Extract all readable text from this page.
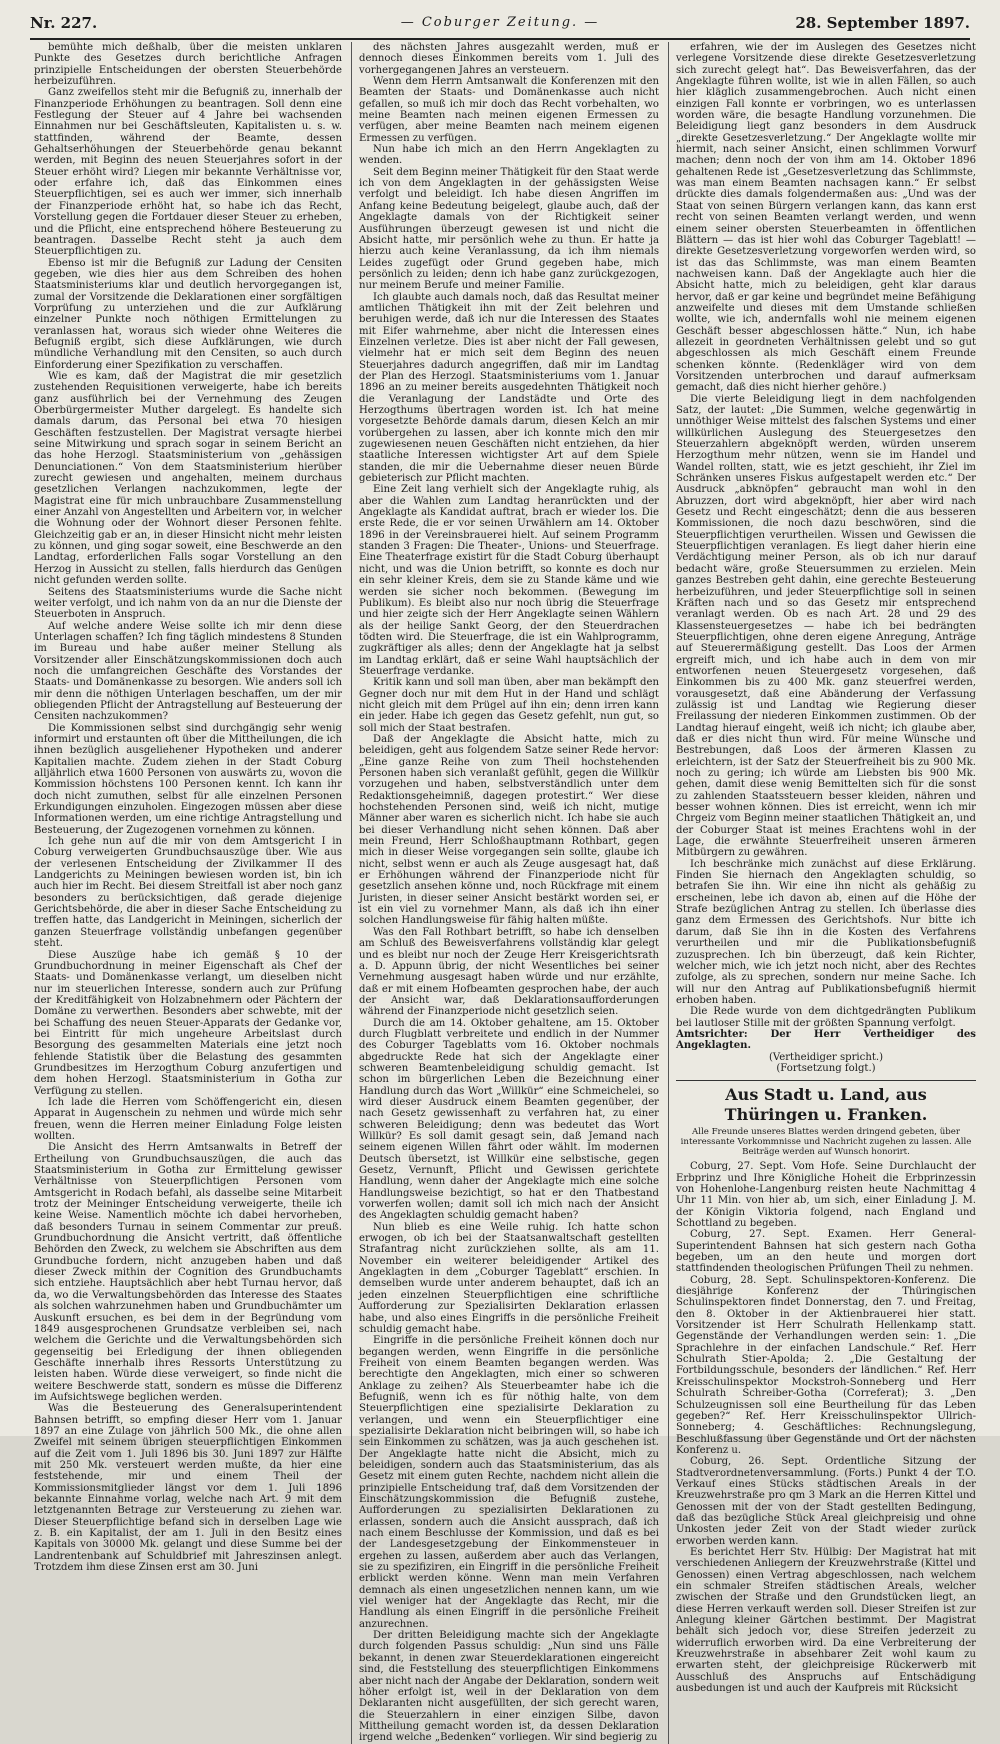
Nr. 227.	— Coburger Zeitung. —	28. September 1897.

bemühte mich deßhalb, über die meisten unklaren Punkte des Gesetzes durch berichtliche Anfragen prinzipielle Entscheidungen der obersten Steuerbehörde herbeizuführen.

Ganz zweifellos steht mir die Befugniß zu, innerhalb der Finanzperiode Erhöhungen zu beantragen. Soll denn eine Festlegung der Steuer auf 4 Jahre bei wachsenden Einnahmen nur bei Geschäftsleuten, Kapitalisten u. s. w. stattfinden, während der Beamte, dessen Gehaltserhöhungen der Steuerbehörde genau bekannt werden, mit Beginn des neuen Steuerjahres sofort in der Steuer erhöht wird? Liegen mir bekannte Verhältnisse vor, oder erfahre ich, daß das Einkommen eines Steuerpflichtigen, sei es auch wer immer, sich innerhalb der Finanzperiode erhöht hat, so habe ich das Recht, Vorstellung gegen die Fortdauer dieser Steuer zu erheben, und die Pflicht, eine entsprechend höhere Besteuerung zu beantragen. Dasselbe Recht steht ja auch dem Steuerpflichtigen zu.

Ebenso ist mir die Befugniß zur Ladung der Censiten gegeben, wie dies hier aus dem Schreiben des hohen Staatsministeriums klar und deutlich hervorgegangen ist, zumal der Vorsitzende die Deklarationen einer sorgfältigen Vorprüfung zu unterziehen und die zur Aufklärung einzelner Punkte noch nöthigen Ermittelungen zu veranlassen hat, woraus sich wieder ohne Weiteres die Befugniß ergibt, sich diese Aufklärungen, wie durch mündliche Verhandlung mit den Censiten, so auch durch Einforderung einer Spezifikation zu verschaffen.

Wie es kam, daß der Magistrat die mir gesetzlich zustehenden Requisitionen verweigerte, habe ich bereits ganz ausführlich bei der Vernehmung des Zeugen Oberbürgermeister Muther dargelegt. Es handelte sich damals darum, das Personal bei etwa 70 hiesigen Geschäften festzustellen. Der Magistrat versagte hierbei seine Mitwirkung und sprach sogar in seinem Bericht an das hohe Herzogl. Staatsministerium von „gehässigen Denunciationen.“ Von dem Staatsministerium hierüber zurecht gewiesen und angehalten, meinem durchaus gesetzlichen Verlangen nachzukommen, legte der Magistrat eine für mich unbrauchbare Zusammenstellung einer Anzahl von Angestellten und Arbeitern vor, in welcher die Wohnung oder der Wohnort dieser Personen fehlte. Gleichzeitig gab er an, in dieser Hinsicht nicht mehr leisten zu können, und ging sogar soweit, eine Beschwerde an den Landtag, erforderlichen Falls sogar Vorstellung an den Herzog in Aussicht zu stellen, falls hierdurch das Genügen nicht gefunden werden sollte.

Seitens des Staatsministeriums wurde die Sache nicht weiter verfolgt, und ich nahm von da an nur die Dienste der Steuerboten in Anspruch.

Auf welche andere Weise sollte ich mir denn diese Unterlagen schaffen? Ich fing täglich mindestens 8 Stunden im Bureau und habe außer meiner Stellung als Vorsitzender aller Einschätzungskommissionen doch auch noch die umfangreichen Geschäfte des Vorstandes der Staats- und Domänenkasse zu besorgen. Wie anders soll ich mir denn die nöthigen Unterlagen beschaffen, um der mir obliegenden Pflicht der Antragstellung auf Besteuerung der Censiten nachzukommen?

Die Kommissionen selbst sind durchgängig sehr wenig informirt und erstaunten oft über die Mittheilungen, die ich ihnen bezüglich ausgeliehener Hypotheken und anderer Kapitalien machte. Zudem ziehen in der Stadt Coburg alljährlich etwa 1600 Personen von auswärts zu, wovon die Kommission höchstens 100 Personen kennt. Ich kann ihr doch nicht zumuthen, selbst für alle einzelnen Personen Erkundigungen einzuholen. Eingezogen müssen aber diese Informationen werden, um eine richtige Antragstellung und Besteuerung, der Zugezogenen vornehmen zu können.

Ich gehe nun auf die mir von dem Amtsgericht I in Coburg verweigerten Grundbuchsauszüge über. Wie aus der verlesenen Entscheidung der Zivilkammer II des Landgerichts zu Meiningen bewiesen worden ist, bin ich auch hier im Recht. Bei diesem Streitfall ist aber noch ganz besonders zu berücksichtigen, daß gerade diejenige Gerichtsbehörde, die aber in dieser Sache Entscheidung zu treffen hatte, das Landgericht in Meiningen, sicherlich der ganzen Steuerfrage vollständig unbefangen gegenüber steht.

Diese Auszüge habe ich gemäß § 10 der Grundbuchordnung in meiner Eigenschaft als Chef der Staats- und Domänenkasse verlangt, um dieselben nicht nur im steuerlichen Interesse, sondern auch zur Prüfung der Kreditfähigkeit von Holzabnehmern oder Pächtern der Domäne zu verwerthen. Besonders aber schwebte, mit der bei Schaffung des neuen Steuer-Apparats der Gedanke vor, bei Eintritt für mich ungeheure Arbeitslast durch Besorgung des gesammelten Materials eine jetzt noch fehlende Statistik über die Belastung des gesammten Grundbesitzes im Herzogthum Coburg anzufertigen und dem hohen Herzogl. Staatsministerium in Gotha zur Verfügung zu stellen.

Ich lade die Herren vom Schöffengericht ein, diesen Apparat in Augenschein zu nehmen und würde mich sehr freuen, wenn die Herren meiner Einladung Folge leisten wollten.

Die Ansicht des Herrn Amtsanwalts in Betreff der Ertheilung von Grundbuchsauszügen, die auch das Staatsministerium in Gotha zur Ermittelung gewisser Verhältnisse von Steuerpflichtigen Personen vom Amtsgericht in Rodach befahl, als dasselbe seine Mitarbeit trotz der Meininger Entscheidung verweigerte, theile ich keine Weise. Namentlich möchte ich dabei hervorheben, daß besonders Turnau in seinem Commentar zur preuß. Grundbuchordnung die Ansicht vertritt, daß öffentliche Behörden den Zweck, zu welchem sie Abschriften aus dem Grundbuche fordern, nicht anzugeben haben und daß dieser Zweck mithin der Cognition des Grundbuchamts sich entziehe. Hauptsächlich aber hebt Turnau hervor, daß da, wo die Verwaltungsbehörden das Interesse des Staates als solchen wahrzunehmen haben und Grundbuchämter um Auskunft ersuchen, es bei dem in der Begründung vom 1849 ausgesprochenen Grundsatze verbleiben sei, nach welchem die Gerichte und die Verwaltungsbehörden sich gegenseitig bei Erledigung der ihnen obliegenden Geschäfte innerhalb ihres Ressorts Unterstützung zu leisten haben. Würde diese verweigert, so finde nicht die weitere Beschwerde statt, sondern es müsse die Differenz im Aufsichtswege beglichen werden.

Was die Besteuerung des Generalsuperintendent Bahnsen betrifft, so empfing dieser Herr vom 1. Januar 1897 an eine Zulage von jährlich 500 Mk., die ohne allen Zweifel mit seinem übrigen steuerpflichtigen Einkommen auf die Zeit vom 1. Juli 1896 bis 30. Juni 1897 zur Hälfte mit 250 Mk. versteuert werden mußte, da hier eine feststehende, mir und einem Theil der Kommissionsmitglieder längst vor dem 1. Juli 1896 bekannte Einnahme vorlag, welche nach Art. 9 mit dem letztgenannten Betrage zur Versteuerung zu ziehen war. Dieser Steuerpflichtige befand sich in derselben Lage wie z. B. ein Kapitalist, der am 1. Juli in den Besitz eines Kapitals von 30000 Mk. gelangt und diese Summe bei der Landrentenbank auf Schuldbrief mit Jahreszinsen anlegt. Trotzdem ihm diese Zinsen erst am 30. Juni

des nächsten Jahres ausgezahlt werden, muß er dennoch dieses Einkommen bereits vom 1. Juli des vorhergegangenen Jahres an versteuern.

Wenn dem Herrn Amtsanwalt die Konferenzen mit den Beamten der Staats- und Domänenkasse auch nicht gefallen, so muß ich mir doch das Recht vorbehalten, wo meine Beamten nach meinen eigenen Ermessen zu verfügen, aber meine Beamten nach meinem eigenen Ermessen zu verfügen.

Nun habe ich mich an den Herrn Angeklagten zu wenden.

Seit dem Beginn meiner Thätigkeit für den Staat werde ich von dem Angeklagten in der gehässigsten Weise verfolgt und beleidigt. Ich habe diesen Angriffen im Anfang keine Bedeutung beigelegt, glaube auch, daß der Angeklagte damals von der Richtigkeit seiner Ausführungen überzeugt gewesen ist und nicht die Absicht hatte, mir persönlich wehe zu thun. Er hatte ja hierzu auch keine Veranlassung, da ich ihm niemals Leides zugefügt oder Grund gegeben habe, mich persönlich zu leiden; denn ich habe ganz zurückgezogen, nur meinem Berufe und meiner Familie.

Ich glaubte auch damals noch, daß das Resultat meiner amtlichen Thätigkeit ihn mit der Zeit belehren und beruhigen werde, daß ich nur die Interessen des Staates mit Eifer wahrnehme, aber nicht die Interessen eines Einzelnen verletze. Dies ist aber nicht der Fall gewesen, vielmehr hat er mich seit dem Beginn des neuen Steuerjahres dadurch angegriffen, daß mir im Landtag der Plan des Herzogl. Staatsministeriums vom 1. Januar 1896 an zu meiner bereits ausgedehnten Thätigkeit noch die Veranlagung der Landstädte und Orte des Herzogthums übertragen worden ist. Ich hat meine vorgesetzte Behörde damals darum, diesen Kelch an mir vorübergehen zu lassen, aber ich konnte mich den mir zugewiesenen neuen Geschäften nicht entziehen, da hier staatliche Interessen wichtigster Art auf dem Spiele standen, die mir die Uebernahme dieser neuen Bürde gebieterisch zur Pflicht machten.

Eine Zeit lang verhielt sich der Angeklagte ruhig, als aber die Wahlen zum Landtag heranrückten und der Angeklagte als Kandidat auftrat, brach er wieder los. Die erste Rede, die er vor seinen Urwählern am 14. Oktober 1896 in der Vereinsbrauerei hielt. Auf seinem Programm standen 3 Fragen: Die Theater-, Unions- und Steuerfrage. Eine Theaterfrage existirt für die Stadt Coburg überhaupt nicht, und was die Union betrifft, so konnte es doch nur ein sehr kleiner Kreis, dem sie zu Stande käme und wie werden sie sicher noch bekommen. (Bewegung im Publikum). Es bleibt also nur noch übrig die Steuerfrage und hier zeigte sich der Herr Angeklagte seinen Wählern als der heilige Sankt Georg, der den Steuerdrachen tödten wird. Die Steuerfrage, die ist ein Wahlprogramm, zugkräftiger als alles; denn der Angeklagte hat ja selbst im Landtag erklärt, daß er seine Wahl hauptsächlich der Steuerfrage verdanke.

Kritik kann und soll man üben, aber man bekämpft den Gegner doch nur mit dem Hut in der Hand und schlägt nicht gleich mit dem Prügel auf ihn ein; denn irren kann ein jeder. Habe ich gegen das Gesetz gefehlt, nun gut, so soll mich der Staat bestrafen.

Daß der Angeklagte die Absicht hatte, mich zu beleidigen, geht aus folgendem Satze seiner Rede hervor: „Eine ganze Reihe von zum Theil hochstehenden Personen haben sich veranlaßt gefühlt, gegen die Willkür vorzugehen und haben, selbstverständlich unter dem Redaktionsgeheimniß, dagegen protestirt.“ Wer diese hochstehenden Personen sind, weiß ich nicht, mutige Männer aber waren es sicherlich nicht. Ich habe sie auch bei dieser Verhandlung nicht sehen können. Daß aber mein Freund, Herr Schloßhauptmann Rothbart, gegen mich in dieser Weise vorgegangen sein sollte, glaube ich nicht, selbst wenn er auch als Zeuge ausgesagt hat, daß er Erhöhungen während der Finanzperiode nicht für gesetzlich ansehen könne und, noch Rückfrage mit einem Juristen, in dieser seiner Ansicht bestärkt worden sei, er ist ein viel zu vornehmer Mann, als daß ich ihn einer solchen Handlungsweise für fähig halten müßte.

Was den Fall Rothbart betrifft, so habe ich denselben am Schluß des Beweisverfahrens vollständig klar gelegt und es bleibt nur noch der Zeuge Herr Kreisgerichtsrath a. D. Appunn übrig, der nicht Wesentliches bei seiner Vernehmung ausgesagt haben würde und nur erzählte, daß er mit einem Hofbeamten gesprochen habe, der auch der Ansicht war, daß Deklarationsaufforderungen während der Finanzperiode nicht gesetzlich seien.

Durch die am 14. Oktober gehaltene, am 15. Oktober durch Flugblatt verbreitete und endlich in der Nummer des Coburger Tageblatts vom 16. Oktober nochmals abgedruckte Rede hat sich der Angeklagte einer schweren Beamtenbeleidigung schuldig gemacht. Ist schon im bürgerlichen Leben die Bezeichnung einer Handlung durch das Wort „Willkür“ eine Schmeichelei, so wird dieser Ausdruck einem Beamten gegenüber, der nach Gesetz gewissenhaft zu verfahren hat, zu einer schweren Beleidigung; denn was bedeutet das Wort Willkür? Es soll damit gesagt sein, daß Jemand nach seinem eigenen Willen fährt oder wählt. Im modernen Deutsch übersetzt, ist Willkür eine selbstische, gegen Gesetz, Vernunft, Pflicht und Gewissen gerichtete Handlung, wenn daher der Angeklagte mich eine solche Handlungsweise bezichtigt, so hat er den Thatbestand vorwerfen wollen; damit soll ich mich nach der Ansicht des Angeklagten schuldig gemacht haben?

Nun blieb es eine Weile ruhig. Ich hatte schon erwogen, ob ich bei der Staatsanwaltschaft gestellten Strafantrag nicht zurückziehen sollte, als am 11. November ein weiterer beleidigender Artikel des Angeklagten in dem „Coburger Tageblatt“ erschien. In demselben wurde unter anderem behauptet, daß ich an jeden einzelnen Steuerpflichtigen eine schriftliche Aufforderung zur Spezialisirten Deklaration erlassen habe, und also eines Eingriffs in die persönliche Freiheit schuldig gemacht habe.

Eingriffe in die persönliche Freiheit können doch nur begangen werden, wenn Eingriffe in die persönliche Freiheit von einem Beamten begangen werden. Was berechtigte den Angeklagten, mich einer so schweren Anklage zu zeihen? Als Steuerbeamter habe ich die Befugniß, wenn ich es für nöthig halte, von dem Steuerpflichtigen eine spezialisirte Deklaration zu verlangen, und wenn ein Steuerpflichtiger eine spezialisirte Deklaration nicht beibringen will, so habe ich sein Einkommen zu schätzen, was ja auch geschehen ist. Der Angeklagte hatte nicht die Absicht, mich zu beleidigen, sondern auch das Staatsministerium, das als Gesetz mit einem guten Rechte, nachdem nicht allein die prinzipielle Entscheidung traf, daß dem Vorsitzenden der Einschätzungskommission die Befugniß zustehe, Aufforderungen zu spezialisirten Deklarationen zu erlassen, sondern auch die Ansicht aussprach, daß ich nach einem Beschlusse der Kommission, und daß es bei der Landesgesetzgebung der Einkommensteuer in ergehen zu lassen, außerdem aber auch das Verlangen, sie zu spezifiziren, ein Eingriff in die persönliche Freiheit erblickt werden könne. Wenn man mein Verfahren demnach als einen ungesetzlichen nennen kann, um wie viel weniger hat der Angeklagte das Recht, mir die Handlung als einen Eingriff in die persönliche Freiheit anzurechnen.

Der dritten Beleidigung machte sich der Angeklagte durch folgenden Passus schuldig: „Nun sind uns Fälle bekannt, in denen zwar Steuerdeklarationen eingereicht sind, die Feststellung des steuerpflichtigen Einkommens aber nicht nach der Angabe der Deklaration, sondern weit höher erfolgt ist, weil in der Deklaration von dem Deklaranten nicht ausgefüllten, der sich gerecht waren, die Steuerzahlern in einer einzigen Silbe, davon Mittheilung gemacht worden ist, da dessen Deklaration irgend welche „Bedenken“ vorliegen. Wir sind begierig zu

erfahren, wie der im Auslegen des Gesetzes nicht verlegene Vorsitzende diese direkte Gesetzesverletzung sich zurecht gelegt hat“. Das Beweisverfahren, das der Angeklagte führen wollte, ist wie in allen Fällen, so auch hier kläglich zusammengebrochen. Auch nicht einen einzigen Fall konnte er vorbringen, wo es unterlassen worden wäre, die besagte Handlung vorzunehmen. Die Beleidigung liegt ganz besonders in dem Ausdruck „direkte Gesetzesverletzung.“ Der Angeklagte wollte mir hiermit, nach seiner Ansicht, einen schlimmen Vorwurf machen; denn noch der von ihm am 14. Oktober 1896 gehaltenen Rede ist „Gesetzesverletzung das Schlimmste, was man einem Beamten nachsagen kann.“ Er selbst drückte dies damals folgendermaßen aus: „Und was der Staat von seinen Bürgern verlangen kann, das kann erst recht von seinen Beamten verlangt werden, und wenn einem seiner obersten Steuerbeamten in öffentlichen Blättern — das ist hier wohl das Coburger Tageblatt! — direkte Gesetzesverletzung vorgeworfen werden wird, so ist das das Schlimmste, was man einem Beamten nachweisen kann. Daß der Angeklagte auch hier die Absicht hatte, mich zu beleidigen, geht klar daraus hervor, daß er gar keine und begründet meine Befähigung anzweifelte und dieses mit dem Umstande schließen wollte, wie ich, andernfalls wohl nie meinem eigenen Geschäft besser abgeschlossen hätte.“ Nun, ich habe allezeit in geordneten Verhältnissen gelebt und so gut abgeschlossen als mich Geschäft einem Freunde schenken könnte. (Redenkläger wird von dem Vorsitzenden unterbrochen und darauf aufmerksam gemacht, daß dies nicht hierher gehöre.)

Die vierte Beleidigung liegt in dem nachfolgenden Satz, der lautet: „Die Summen, welche gegenwärtig in unnöthiger Weise mittelst des falschen Systems und einer willkürlichen Auslegung des Steuergesetzes den Steuerzahlern abgeknöpft werden, würden unserem Herzogthum mehr nützen, wenn sie im Handel und Wandel rollten, statt, wie es jetzt geschieht, ihr Ziel im Schränken unseres Fiskus aufgestapelt werden etc.“ Der Ausdruck „abknöpfen“ gebraucht man wohl in den Abruzzen, dort wird abgeknöpft, hier aber wird nach Gesetz und Recht eingeschätzt; denn die aus besseren Kommissionen, die noch dazu beschwören, sind die Steuerpflichtigen verurtheilen. Wissen und Gewissen die Steuerpflichtigen veranlagen. Es liegt daher hierin eine Verdächtigung meiner Person, als ob ich nur darauf bedacht wäre, große Steuersummen zu erzielen. Mein ganzes Bestreben geht dahin, eine gerechte Besteuerung herbeizuführen, und jeder Steuerpflichtige soll in seinen Kräften nach und so das Gesetz mir entsprechend veranlagt werden. Ob es nach Art. 28 und 29 des Klassensteuergesetzes — habe ich bei bedrängten Steuerpflichtigen, ohne deren eigene Anregung, Anträge auf Steuerermäßigung gestellt. Das Loos der Armen ergreift mich, und ich habe auch in dem von mir entworfenen neuen Steuergesetz vorgesehen, daß Einkommen bis zu 400 Mk. ganz steuerfrei werden, vorausgesetzt, daß eine Abänderung der Verfassung zulässig ist und Landtag wie Regierung dieser Freilassung der niederen Einkommen zustimmen. Ob der Landtag hierauf eingeht, weiß ich nicht; ich glaube aber, daß er dies nicht thun wird. Für meine Wünsche und Bestrebungen, daß Loos der ärmeren Klassen zu erleichtern, ist der Satz der Steuerfreiheit bis zu 900 Mk. noch zu gering; ich würde am Liebsten bis 900 Mk. gehen, damit diese wenig Bemittelten sich für die sonst zu zahlenden Staatssteuern besser kleiden, nähren und besser wohnen können. Dies ist erreicht, wenn ich mir Chrgeiz vom Beginn meiner staatlichen Thätigkeit an, und der Coburger Staat ist meines Erachtens wohl in der Lage, die erwähnte Steuerfreiheit unseren ärmeren Mitbürgern zu gewähren.

Ich beschränke mich zunächst auf diese Erklärung. Finden Sie hiernach den Angeklagten schuldig, so betrafen Sie ihn. Wir eine ihn nicht als gehäßig zu erscheinen, lebe ich davon ab, einen auf die Höhe der Strafe bezüglichen Antrag zu stellen. Ich überlasse dies ganz dem Ermessen des Gerichtshofs. Nur bitte ich darum, daß Sie ihn in die Kosten des Verfahrens verurtheilen und mir die Publikationsbefugniß zuzusprechen. Ich bin überzeugt, daß kein Richter, welcher mich, wie ich jetzt noch nicht, aber des Rechtes zufolge, als zu sprechen, sondern nur meine Sache. Ich will nur den Antrag auf Publikationsbefugniß hiermit erhoben haben.

Die Rede wurde von dem dichtgedrängten Publikum bei lautloser Stille mit der größten Spannung verfolgt.

Amtsrichter: Der Herr Vertheidiger des Angeklagten.

(Vertheidiger spricht.)

(Fortsetzung folgt.)

Aus Stadt u. Land, aus Thüringen u. Franken.
Alle Freunde unseres Blattes werden dringend gebeten, über interessante Vorkommnisse und Nachricht zugehen zu lassen. Alle Beiträge werden auf Wunsch honorirt.

Coburg, 27. Sept. Vom Hofe. Seine Durchlaucht der Erbprinz und Ihre Königliche Hoheit die Erbprinzessin von Hohenlohe-Langenburg reisten heute Nachmittag 4 Uhr 11 Min. von hier ab, um sich, einer Einladung J. M. der Königin Viktoria folgend, nach England und Schottland zu begeben.

Coburg, 27. Sept. Examen. Herr General-Superintendent Bahnsen hat sich gestern nach Gotha begeben, um an den heute und morgen dort stattfindenden theologischen Prüfungen Theil zu nehmen.

Coburg, 28. Sept. Schulinspektoren-Konferenz. Die diesjährige Konferenz der Thüringischen Schulinspektoren findet Donnerstag, den 7. und Freitag, den 8. Oktober in der Aktienbrauerei hier statt. Vorsitzender ist Herr Schulrath Hellenkamp statt. Gegenstände der Verhandlungen werden sein: 1. „Die Sprachlehre in der einfachen Landschule.“ Ref. Herr Schulrath Stier-Apolda; 2. „Die Gestaltung der Fortbildungsschule, besonders der ländlichen.“ Ref. Herr Kreisschulinspektor Mockstroh-Sonneberg und Herr Schulrath Schreiber-Gotha (Correferat); 3. „Den Schulzeugnissen soll eine Beurtheilung für das Leben gegeben?“ Ref. Herr Kreisschulinspektor Ullrich-Sonneberg; 4. Geschäftliches: Rechnungslegung, Beschlußfassung über Gegenstände und Ort der nächsten Konferenz u.

Coburg, 26. Sept. Ordentliche Sitzung der Stadtverordnetenversammlung. (Forts.) Punkt 4 der T.O. Verkauf eines Stücks städtischen Areals in der Kreuzwehrstraße pro qm 3 Mark an die Herren Kittel und Genossen mit der von der Stadt gestellten Bedingung, daß das bezügliche Stück Areal gleichpreisig und ohne Unkosten jeder Zeit von der Stadt wieder zurück erworben werden kann.

Es berichtet Herr Stv. Hülbig: Der Magistrat hat mit verschiedenen Anliegern der Kreuzwehrstraße (Kittel und Genossen) einen Vertrag abgeschlossen, nach welchem ein schmaler Streifen städtischen Areals, welcher zwischen der Straße und den Grundstücken liegt, an diese Herren verkauft werden soll. Dieser Streifen ist zur Anlegung kleiner Gärtchen bestimmt. Der Magistrat behält sich jedoch vor, diese Streifen jederzeit zu widerruflich erworben wird. Da eine Verbreiterung der Kreuzwehrstraße in absehbarer Zeit wohl kaum zu erwarten steht, der gleichpreisige Rückerwerb mit Ausschluß des Anspruchs auf Entschädigung ausbedungen ist und auch der Kaufpreis mit Rücksicht
